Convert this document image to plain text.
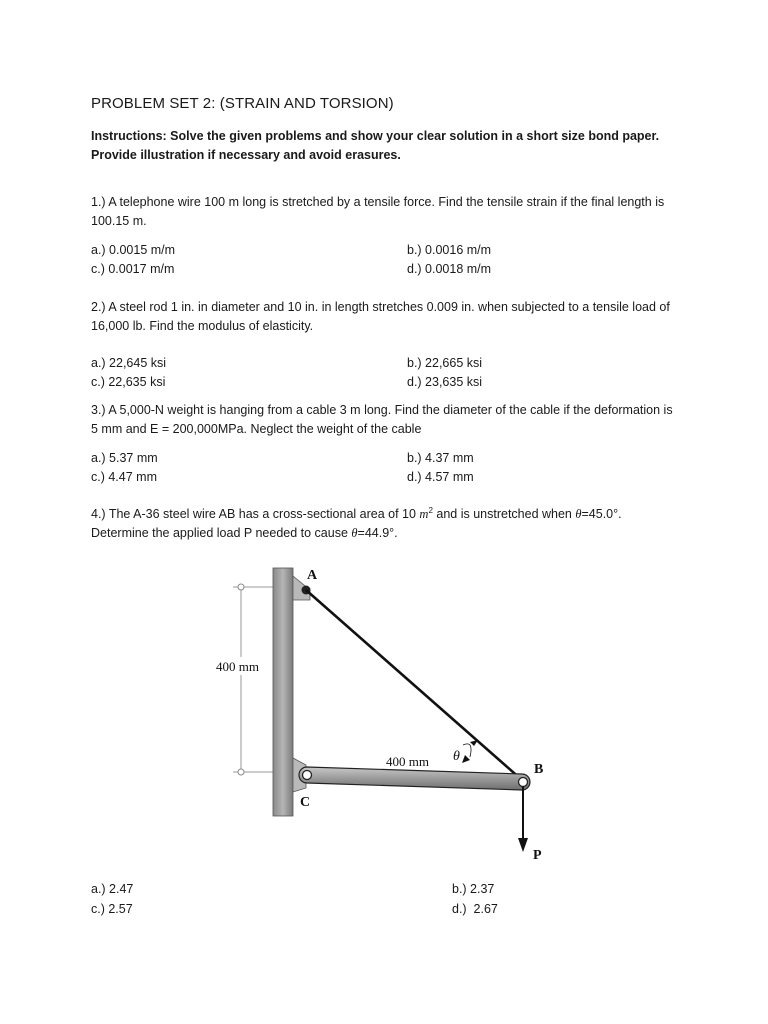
PROBLEM SET 2: (STRAIN AND TORSION)
Instructions: Solve the given problems and show your clear solution in a short size bond paper. Provide illustration if necessary and avoid erasures.
1.) A telephone wire 100 m long is stretched by a tensile force. Find the tensile strain if the final length is 100.15 m.
a.) 0.0015 m/m	b.) 0.0016 m/m
c.) 0.0017 m/m	d.) 0.0018 m/m
2.) A steel rod 1 in. in diameter and 10 in. in length stretches 0.009 in. when subjected to a tensile load of 16,000 lb. Find the modulus of elasticity.
a.) 22,645 ksi	b.) 22,665 ksi
c.) 22,635 ksi	d.) 23,635 ksi
3.) A 5,000-N weight is hanging from a cable 3 m long. Find the diameter of the cable if the deformation is 5 mm and E = 200,000MPa. Neglect the weight of the cable
a.) 5.37 mm	b.) 4.37 mm
c.) 4.47 mm	d.) 4.57 mm
4.) The A-36 steel wire AB has a cross-sectional area of 10 $m^2$ and is unstretched when θ=45.0°.
Determine the applied load P needed to cause θ=44.9°.
400 mm
400 mm θ
A
B
C
P
a.) 2.47	b.) 2.37
c.) 2.57	d.)  2.67
